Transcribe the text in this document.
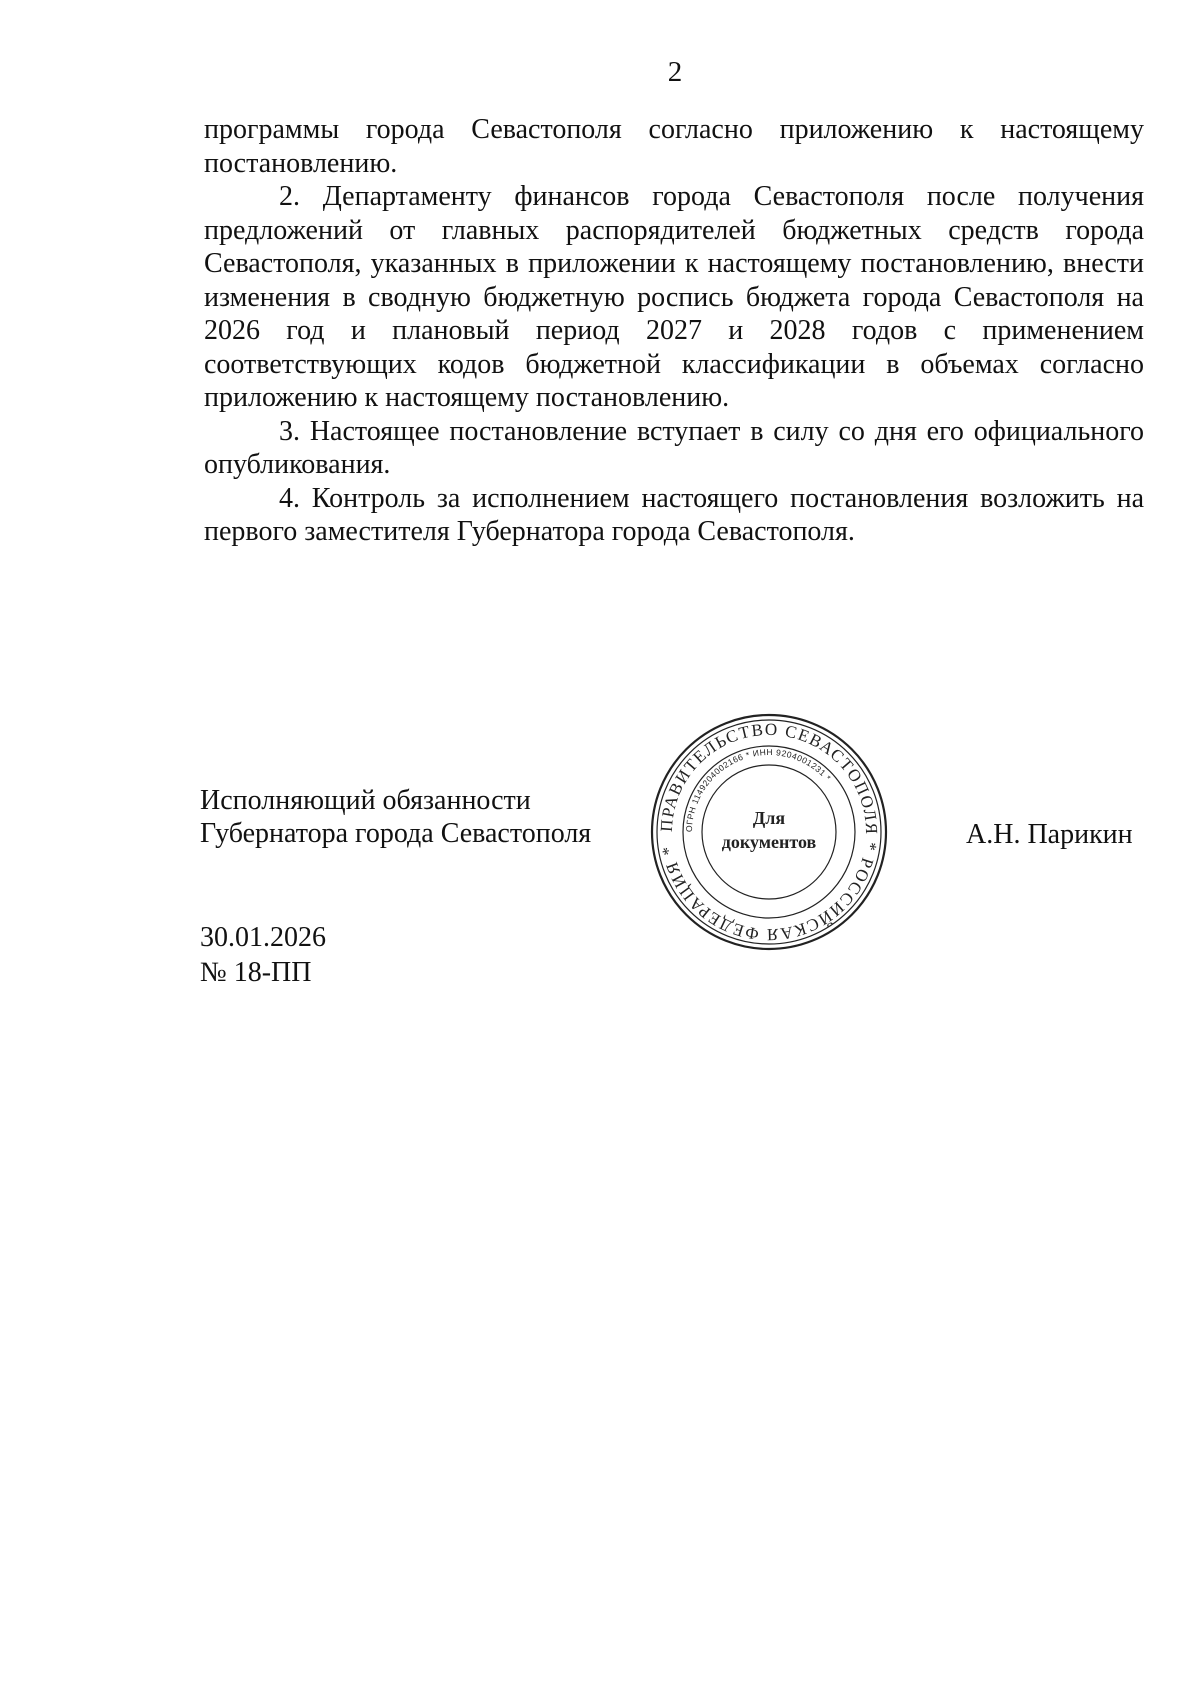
2

программы города Севастополя согласно приложению к настоящему постановлению.

2. Департаменту финансов города Севастополя после получения предложений от главных распорядителей бюджетных средств города Севастополя, указанных в приложении к настоящему постановлению, внести изменения в сводную бюджетную роспись бюджета города Севастополя на 2026 год и плановый период 2027 и 2028 годов с применением соответствующих кодов бюджетной классификации в объемах согласно приложению к настоящему постановлению.

3. Настоящее постановление вступает в силу со дня его официального опубликования.

4. Контроль за исполнением настоящего постановления возложить на первого заместителя Губернатора города Севастополя.

Исполняющий обязанности
Губернатора города Севастополя	ПРАВИТЕЛЬСТВО СЕВАСТОПОЛЯ * РОССИЙСКАЯ ФЕДЕРАЦИЯ *
ОГРН 1149204002166 * ИНН 9204001231 *
Для
документов	А.Н. Парикин
30.01.2026
№ 18-ПП
